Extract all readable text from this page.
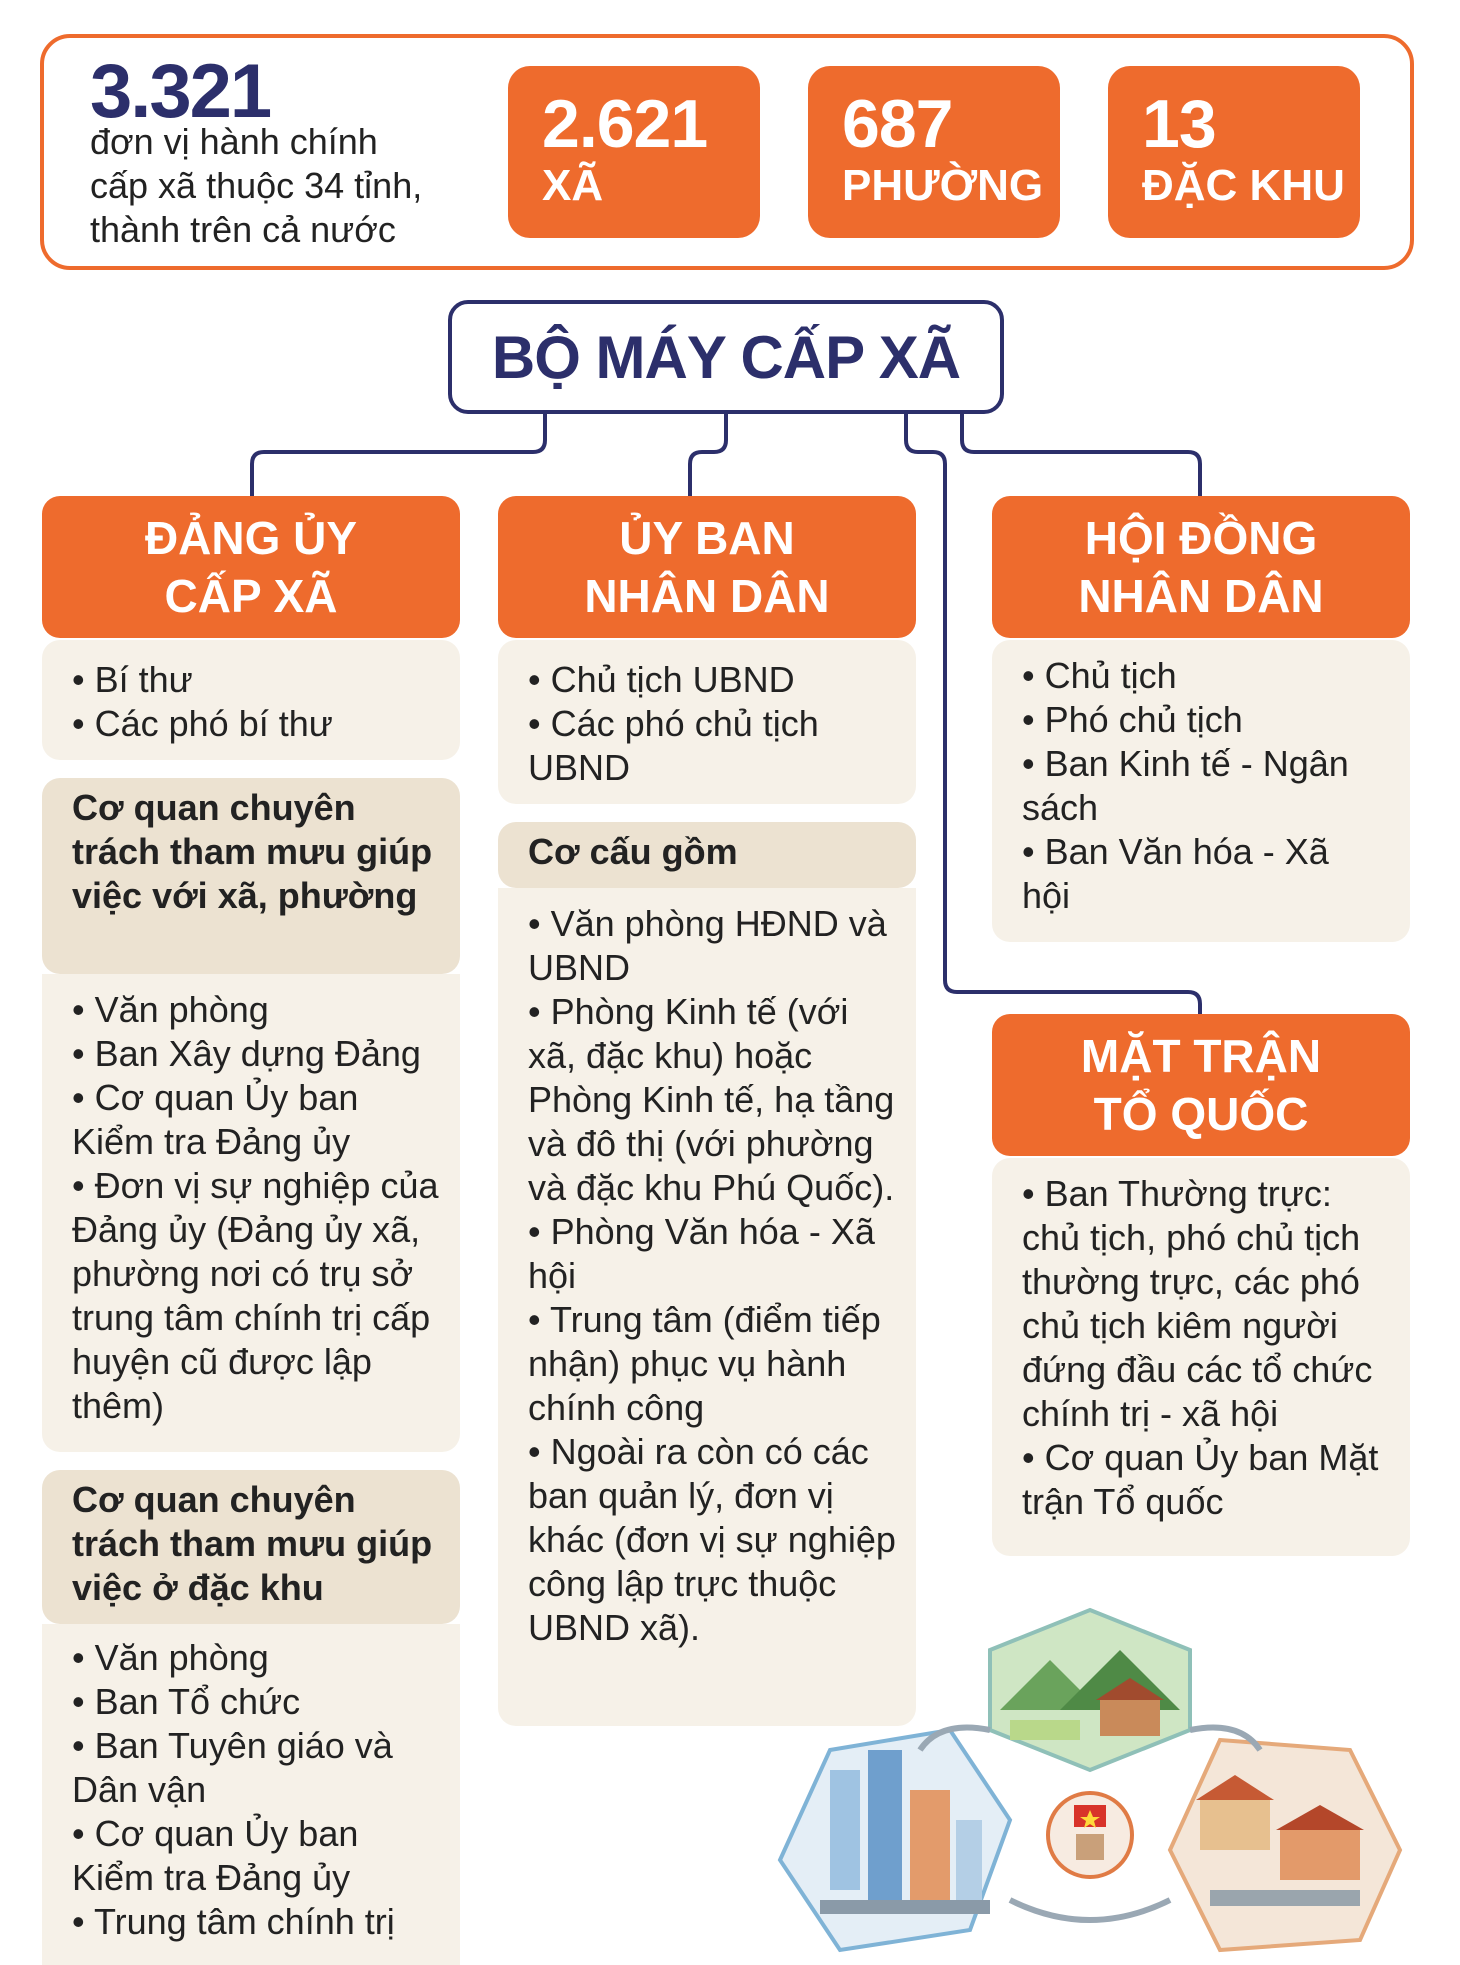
3.321
đơn vị hành chính
cấp xã thuộc 34 tỉnh,
thành trên cả nước
2.621
XÃ
687
PHƯỜNG
13
ĐẶC KHU
BỘ MÁY CẤP XÃ
ĐẢNG ỦY
CẤP XÃ
• Bí thư
• Các phó bí thư

Cơ quan chuyên trách tham mưu giúp việc với xã, phường

• Văn phòng
• Ban Xây dựng Đảng
• Cơ quan Ủy ban Kiểm tra Đảng ủy
• Đơn vị sự nghiệp của Đảng ủy (Đảng ủy xã, phường nơi có trụ sở trung tâm chính trị cấp huyện cũ được lập thêm)

Cơ quan chuyên trách tham mưu giúp việc ở đặc khu

• Văn phòng
• Ban Tổ chức
• Ban Tuyên giáo và Dân vận
• Cơ quan Ủy ban Kiểm tra Đảng ủy
• Trung tâm chính trị
ỦY BAN
NHÂN DÂN
• Chủ tịch UBND
• Các phó chủ tịch UBND

Cơ cấu gồm

• Văn phòng HĐND và UBND
• Phòng Kinh tế (với xã, đặc khu) hoặc Phòng Kinh tế, hạ tầng và đô thị (với phường và đặc khu Phú Quốc).
• Phòng Văn hóa - Xã hội
• Trung tâm (điểm tiếp nhận) phục vụ hành chính công
• Ngoài ra còn có các ban quản lý, đơn vị khác (đơn vị sự nghiệp công lập trực thuộc UBND xã).
HỘI ĐỒNG
NHÂN DÂN
• Chủ tịch
• Phó chủ tịch
• Ban Kinh tế - Ngân sách
• Ban Văn hóa - Xã hội
MẶT TRẬN
TỔ QUỐC
• Ban Thường trực: chủ tịch, phó chủ tịch thường trực, các phó chủ tịch kiêm người đứng đầu các tổ chức chính trị - xã hội
• Cơ quan Ủy ban Mặt trận Tổ quốc
